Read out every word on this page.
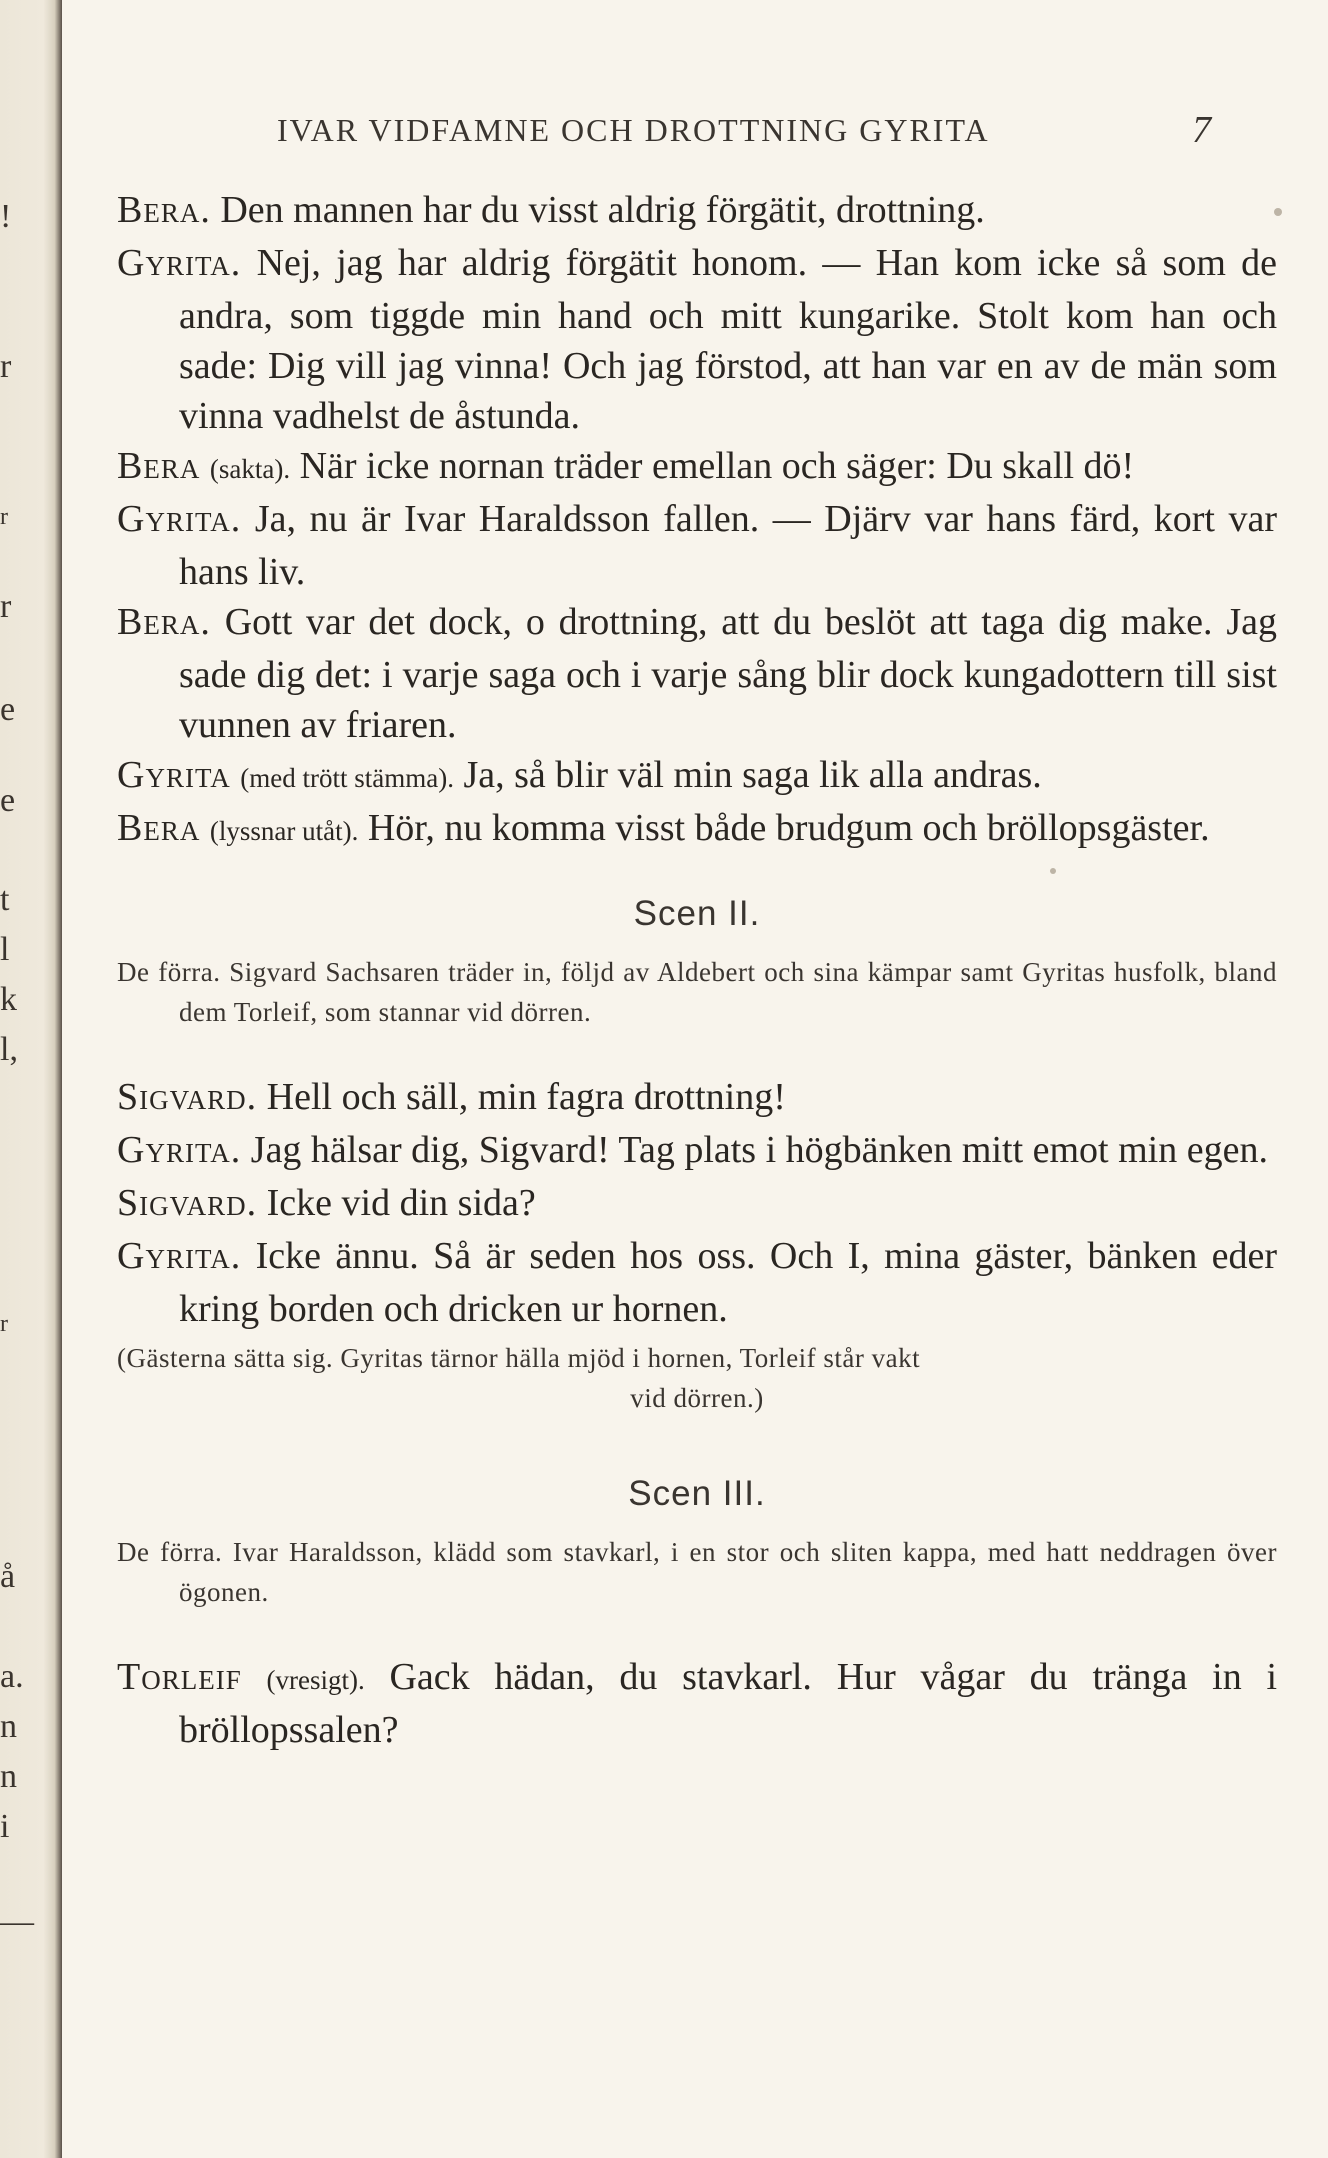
!
r
r
r
e
e
t
l
k
l,
r
å
a.
n
n
i
—
IVAR VIDFAMNE OCH DROTTNING GYRITA	7

Bera. Den mannen har du visst aldrig förgätit, drottning.

Gyrita. Nej, jag har aldrig förgätit honom. — Han kom icke så som de andra, som tiggde min hand och mitt kungarike. Stolt kom han och sade: Dig vill jag vinna! Och jag förstod, att han var en av de män som vinna vadhelst de åstunda.

Bera (sakta). När icke nornan träder emellan och säger: Du skall dö!

Gyrita. Ja, nu är Ivar Haraldsson fallen. — Djärv var hans färd, kort var hans liv.

Bera. Gott var det dock, o drottning, att du beslöt att taga dig make. Jag sade dig det: i varje saga och i varje sång blir dock kungadottern till sist vunnen av friaren.

Gyrita (med trött stämma). Ja, så blir väl min saga lik alla andras.

Bera (lyssnar utåt). Hör, nu komma visst både brudgum och bröllopsgäster.

Scen II.

De förra. Sigvard Sachsaren träder in, följd av Aldebert och sina kämpar samt Gyritas husfolk, bland dem Torleif, som stannar vid dörren.

Sigvard. Hell och säll, min fagra drottning!

Gyrita. Jag hälsar dig, Sigvard! Tag plats i högbänken mitt emot min egen.

Sigvard. Icke vid din sida?

Gyrita. Icke ännu. Så är seden hos oss. Och I, mina gäster, bänken eder kring borden och dricken ur hornen.

(Gästerna sätta sig. Gyritas tärnor hälla mjöd i hornen, Torleif står vakt

vid dörren.)

Scen III.

De förra. Ivar Haraldsson, klädd som stavkarl, i en stor och sliten kappa, med hatt neddragen över ögonen.

Torleif (vresigt). Gack hädan, du stavkarl. Hur vågar du tränga in i bröllopssalen?
